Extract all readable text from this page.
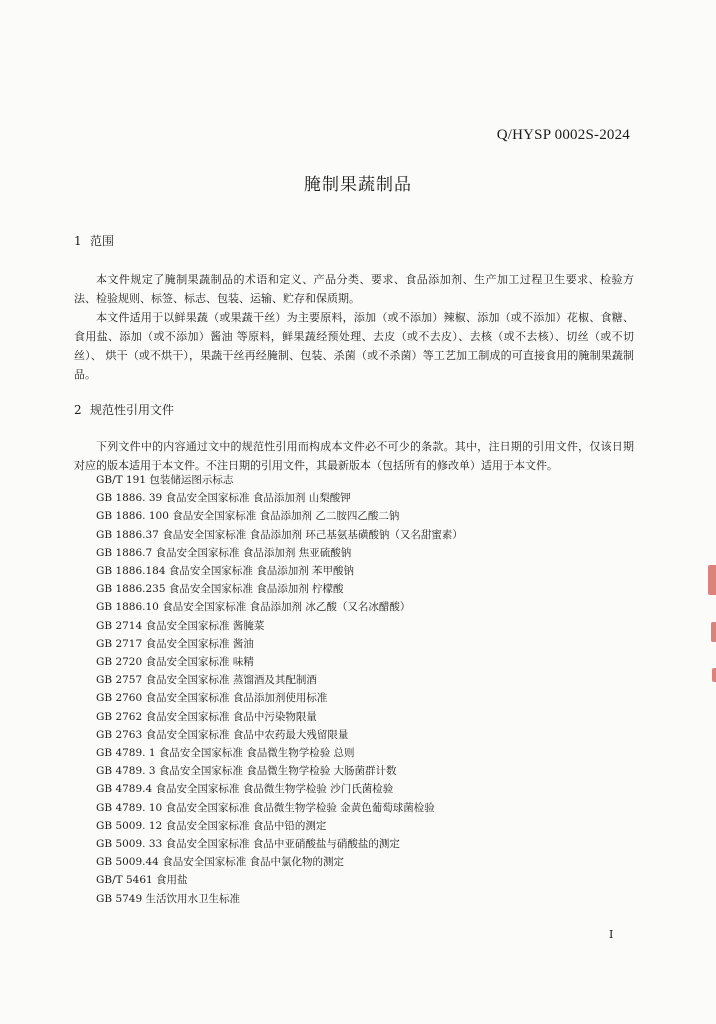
Q/HYSP 0002S-2024
腌制果蔬制品
1 范围

本文件规定了腌制果蔬制品的术语和定义、产品分类、要求、食品添加剂、生产加工过程卫生要求、检验方法、检验规则、标签、标志、包装、运输、贮存和保质期。

本文件适用于以鲜果蔬（或果蔬干丝）为主要原料，添加（或不添加）辣椒、添加（或不添加）花椒、食糖、食用盐、添加（或不添加）酱油 等原料，鲜果蔬经预处理、去皮（或不去皮）、去核（或不去核）、切丝（或不切丝）、 烘干（或不烘干），果蔬干丝再经腌制、包装、杀菌（或不杀菌）等工艺加工制成的可直接食用的腌制果蔬制品。

2 规范性引用文件

下列文件中的内容通过文中的规范性引用而构成本文件必不可少的条款。其中，注日期的引用文件，仅该日期对应的版本适用于本文件。不注日期的引用文件，其最新版本（包括所有的修改单）适用于本文件。

GB/T 191 包装储运图示标志
GB 1886. 39 食品安全国家标准 食品添加剂 山梨酸钾
GB 1886. 100 食品安全国家标准 食品添加剂 乙二胺四乙酸二钠
GB 1886.37 食品安全国家标准 食品添加剂 环己基氨基磺酸钠（又名甜蜜素）
GB 1886.7 食品安全国家标准 食品添加剂 焦亚硫酸钠
GB 1886.184 食品安全国家标准 食品添加剂 苯甲酸钠
GB 1886.235 食品安全国家标准 食品添加剂 柠檬酸
GB 1886.10 食品安全国家标准 食品添加剂 冰乙酸（又名冰醋酸）
GB 2714 食品安全国家标准 酱腌菜
GB 2717 食品安全国家标准 酱油
GB 2720 食品安全国家标准 味精
GB 2757 食品安全国家标准 蒸馏酒及其配制酒
GB 2760 食品安全国家标准 食品添加剂使用标准
GB 2762 食品安全国家标准 食品中污染物限量
GB 2763 食品安全国家标准 食品中农药最大残留限量
GB 4789. 1 食品安全国家标准 食品微生物学检验 总则
GB 4789. 3 食品安全国家标准 食品微生物学检验 大肠菌群计数
GB 4789.4 食品安全国家标准 食品微生物学检验 沙门氏菌检验
GB 4789. 10 食品安全国家标准 食品微生物学检验 金黄色葡萄球菌检验
GB 5009. 12 食品安全国家标准 食品中铅的测定
GB 5009. 33 食品安全国家标准 食品中亚硝酸盐与硝酸盐的测定
GB 5009.44 食品安全国家标准 食品中氯化物的测定
GB/T 5461 食用盐
GB 5749 生活饮用水卫生标准
I
